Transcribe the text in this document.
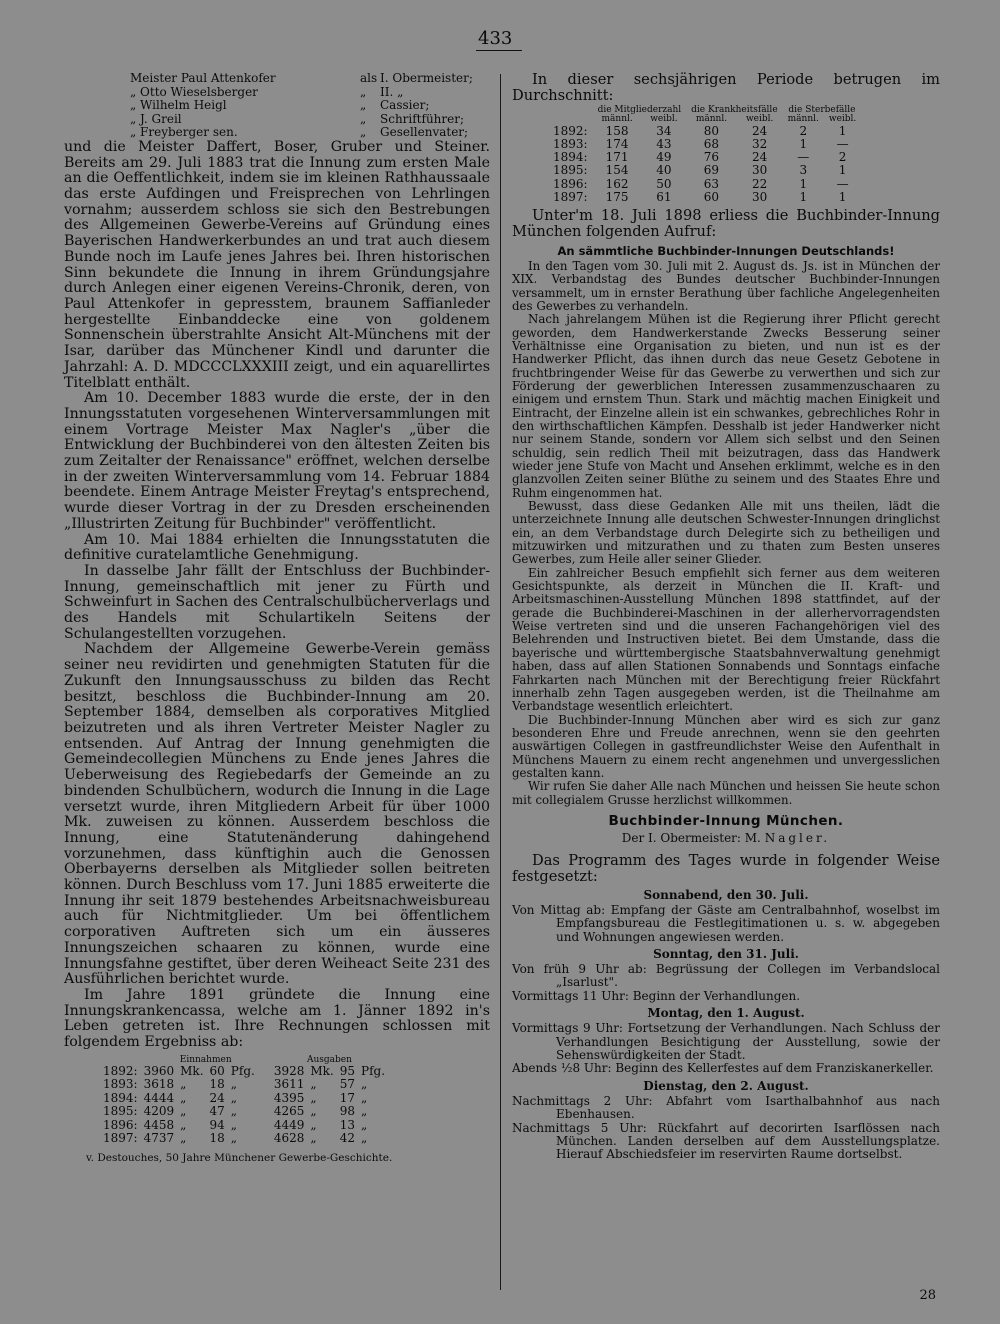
433
Meister Paul Attenkofer	als I. Obermeister;
„ Otto Wieselsberger	„	II. „
„ Wilhelm Heigl	„	Cassier;
„ J. Greil	„	Schriftführer;
„ Freyberger sen.	„	Gesellenvater;

und die Meister Daffert, Boser, Gruber und Steiner. Bereits am 29. Juli 1883 trat die Innung zum ersten Male an die Oeffentlichkeit, indem sie im kleinen Rathhaussaale das erste Aufdingen und Freisprechen von Lehrlingen vornahm; ausserdem schloss sie sich den Bestrebungen des Allgemeinen Gewerbe-Vereins auf Gründung eines Bayerischen Handwerkerbundes an und trat auch diesem Bunde noch im Laufe jenes Jahres bei. Ihren historischen Sinn bekundete die Innung in ihrem Gründungsjahre durch Anlegen einer eigenen Vereins-Chronik, deren, von Paul Attenkofer in gepresstem, braunem Saffianleder hergestellte Einbanddecke eine von goldenem Sonnenschein überstrahlte Ansicht Alt-Münchens mit der Isar, darüber das Münchener Kindl und darunter die Jahrzahl: A. D. MDCCCLXXXIII zeigt, und ein aquarellirtes Titelblatt enthält.

Am 10. December 1883 wurde die erste, der in den Innungsstatuten vorgesehenen Winterversammlungen mit einem Vortrage Meister Max Nagler's „über die Entwicklung der Buchbinderei von den ältesten Zeiten bis zum Zeitalter der Renaissance" eröffnet, welchen derselbe in der zweiten Winterversammlung vom 14. Februar 1884 beendete. Einem Antrage Meister Freytag's entsprechend, wurde dieser Vortrag in der zu Dresden erscheinenden „Illustrirten Zeitung für Buchbinder" veröffentlicht.

Am 10. Mai 1884 erhielten die Innungsstatuten die definitive curatelamtliche Genehmigung.

In dasselbe Jahr fällt der Entschluss der Buchbinder-Innung, gemeinschaftlich mit jener zu Fürth und Schweinfurt in Sachen des Centralschulbücherverlags und des Handels mit Schulartikeln Seitens der Schulangestellten vorzugehen.

Nachdem der Allgemeine Gewerbe-Verein gemäss seiner neu revidirten und genehmigten Statuten für die Zukunft den Innungsausschuss zu bilden das Recht besitzt, beschloss die Buchbinder-Innung am 20. September 1884, demselben als corporatives Mitglied beizutreten und als ihren Vertreter Meister Nagler zu entsenden. Auf Antrag der Innung genehmigten die Gemeindecollegien Münchens zu Ende jenes Jahres die Ueberweisung des Regiebedarfs der Gemeinde an zu bindenden Schulbüchern, wodurch die Innung in die Lage versetzt wurde, ihren Mitgliedern Arbeit für über 1000 Mk. zuweisen zu können. Ausserdem beschloss die Innung, eine Statutenänderung dahingehend vorzunehmen, dass künftighin auch die Genossen Oberbayerns derselben als Mitglieder sollen beitreten können. Durch Beschluss vom 17. Juni 1885 erweiterte die Innung ihr seit 1879 bestehendes Arbeitsnachweisbureau auch für Nichtmitglieder. Um bei öffentlichem corporativen Auftreten sich um ein äusseres Innungszeichen schaaren zu können, wurde eine Innungsfahne gestiftet, über deren Weiheact Seite 231 des Ausführlichen berichtet wurde.

Im Jahre 1891 gründete die Innung eine Innungskrankencassa, welche am 1. Jänner 1892 in's Leben getreten ist. Ihre Rechnungen schlossen mit folgendem Ergebniss ab:

	Einnahmen				Ausgaben			
1892:	3960	Mk.	60	Pfg.	3928	Mk.	95	Pfg.
1893:	3618	„	18	„	3611	„	57	„
1894:	4444	„	24	„	4395	„	17	„
1895:	4209	„	47	„	4265	„	98	„
1896:	4458	„	94	„	4449	„	13	„
1897:	4737	„	18	„	4628	„	42	„
v. Destouches, 50 Jahre Münchener Gewerbe-Geschichte.

In dieser sechsjährigen Periode betrugen im Durchschnitt:

	die Mitgliederzahl		die Krankheitsfälle		die Sterbefälle	
	männl.	weibl.	männl.	weibl.	männl.	weibl.
1892:	158	34	80	24	2	1
1893:	174	43	68	32	1	—
1894:	171	49	76	24	—	2
1895:	154	40	69	30	3	1
1896:	162	50	63	22	1	—
1897:	175	61	60	30	1	1

Unter'm 18. Juli 1898 erliess die Buchbinder-Innung München folgenden Aufruf:

An sämmtliche Buchbinder-Innungen Deutschlands!

In den Tagen vom 30. Juli mit 2. August ds. Js. ist in München der XIX. Verbandstag des Bundes deutscher Buchbinder-Innungen versammelt, um in ernster Berathung über fachliche Angelegenheiten des Gewerbes zu verhandeln.

Nach jahrelangem Mühen ist die Regierung ihrer Pflicht gerecht geworden, dem Handwerkerstande Zwecks Besserung seiner Verhältnisse eine Organisation zu bieten, und nun ist es der Handwerker Pflicht, das ihnen durch das neue Gesetz Gebotene in fruchtbringender Weise für das Gewerbe zu verwerthen und sich zur Förderung der gewerblichen Interessen zusammenzuschaaren zu einigem und ernstem Thun. Stark und mächtig machen Einigkeit und Eintracht, der Einzelne allein ist ein schwankes, gebrechliches Rohr in den wirthschaftlichen Kämpfen. Desshalb ist jeder Handwerker nicht nur seinem Stande, sondern vor Allem sich selbst und den Seinen schuldig, sein redlich Theil mit beizutragen, dass das Handwerk wieder jene Stufe von Macht und Ansehen erklimmt, welche es in den glanzvollen Zeiten seiner Blüthe zu seinem und des Staates Ehre und Ruhm eingenommen hat.

Bewusst, dass diese Gedanken Alle mit uns theilen, lädt die unterzeichnete Innung alle deutschen Schwester-Innungen dringlichst ein, an dem Verbandstage durch Delegirte sich zu betheiligen und mitzuwirken und mitzurathen und zu thaten zum Besten unseres Gewerbes, zum Heile aller seiner Glieder.

Ein zahlreicher Besuch empfiehlt sich ferner aus dem weiteren Gesichtspunkte, als derzeit in München die II. Kraft- und Arbeitsmaschinen-Ausstellung München 1898 stattfindet, auf der gerade die Buchbinderei-Maschinen in der allerhervorragendsten Weise vertreten sind und die unseren Fachangehörigen viel des Belehrenden und Instructiven bietet. Bei dem Umstande, dass die bayerische und württembergische Staatsbahnverwaltung genehmigt haben, dass auf allen Stationen Sonnabends und Sonntags einfache Fahrkarten nach München mit der Berechtigung freier Rückfahrt innerhalb zehn Tagen ausgegeben werden, ist die Theilnahme am Verbandstage wesentlich erleichtert.

Die Buchbinder-Innung München aber wird es sich zur ganz besonderen Ehre und Freude anrechnen, wenn sie den geehrten auswärtigen Collegen in gastfreundlichster Weise den Aufenthalt in Münchens Mauern zu einem recht angenehmen und unvergesslichen gestalten kann.

Wir rufen Sie daher Alle nach München und heissen Sie heute schon mit collegialem Grusse herzlichst willkommen.

Buchbinder-Innung München.
Der I. Obermeister: M. Nagler.

Das Programm des Tages wurde in folgender Weise festgesetzt:

Sonnabend, den 30. Juli.

Von Mittag ab: Empfang der Gäste am Centralbahnhof, woselbst im Empfangsbureau die Festlegitimationen u. s. w. abgegeben und Wohnungen angewiesen werden.

Sonntag, den 31. Juli.

Von früh 9 Uhr ab: Begrüssung der Collegen im Verbandslocal „Isarlust".

Vormittags 11 Uhr: Beginn der Verhandlungen.

Montag, den 1. August.

Vormittags 9 Uhr: Fortsetzung der Verhandlungen. Nach Schluss der Verhandlungen Besichtigung der Ausstellung, sowie der Sehenswürdigkeiten der Stadt.

Abends ½8 Uhr: Beginn des Kellerfestes auf dem Franziskanerkeller.

Dienstag, den 2. August.

Nachmittags 2 Uhr: Abfahrt vom Isarthalbahnhof aus nach Ebenhausen.

Nachmittags 5 Uhr: Rückfahrt auf decorirten Isarflössen nach München. Landen derselben auf dem Ausstellungsplatze. Hierauf Abschiedsfeier im reservirten Raume dortselbst.

28
